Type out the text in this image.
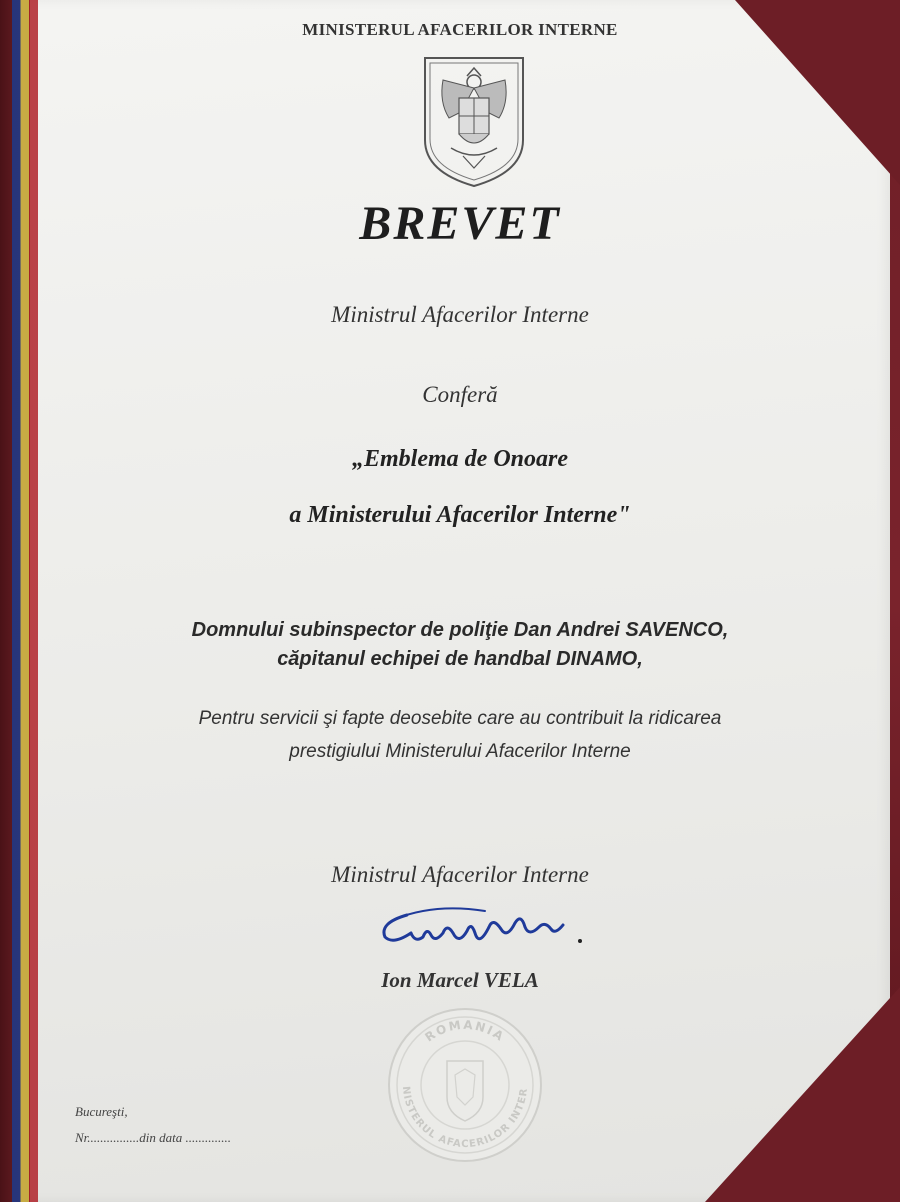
MINISTERUL AFACERILOR INTERNE
BREVET
Ministrul Afacerilor Interne
Conferă
„Emblema de Onoare
a Ministerului Afacerilor Interne"
Domnului subinspector de poliţie Dan Andrei SAVENCO,
căpitanul echipei de handbal DINAMO,
Pentru servicii şi fapte deosebite care au contribuit la ridicarea
prestigiului Ministerului Afacerilor Interne
Ministrul Afacerilor Interne
Ion Marcel VELA
ROMANIA
NISTERUL AFACERILOR INTER
Bucureşti,
Nr................din data ..............
